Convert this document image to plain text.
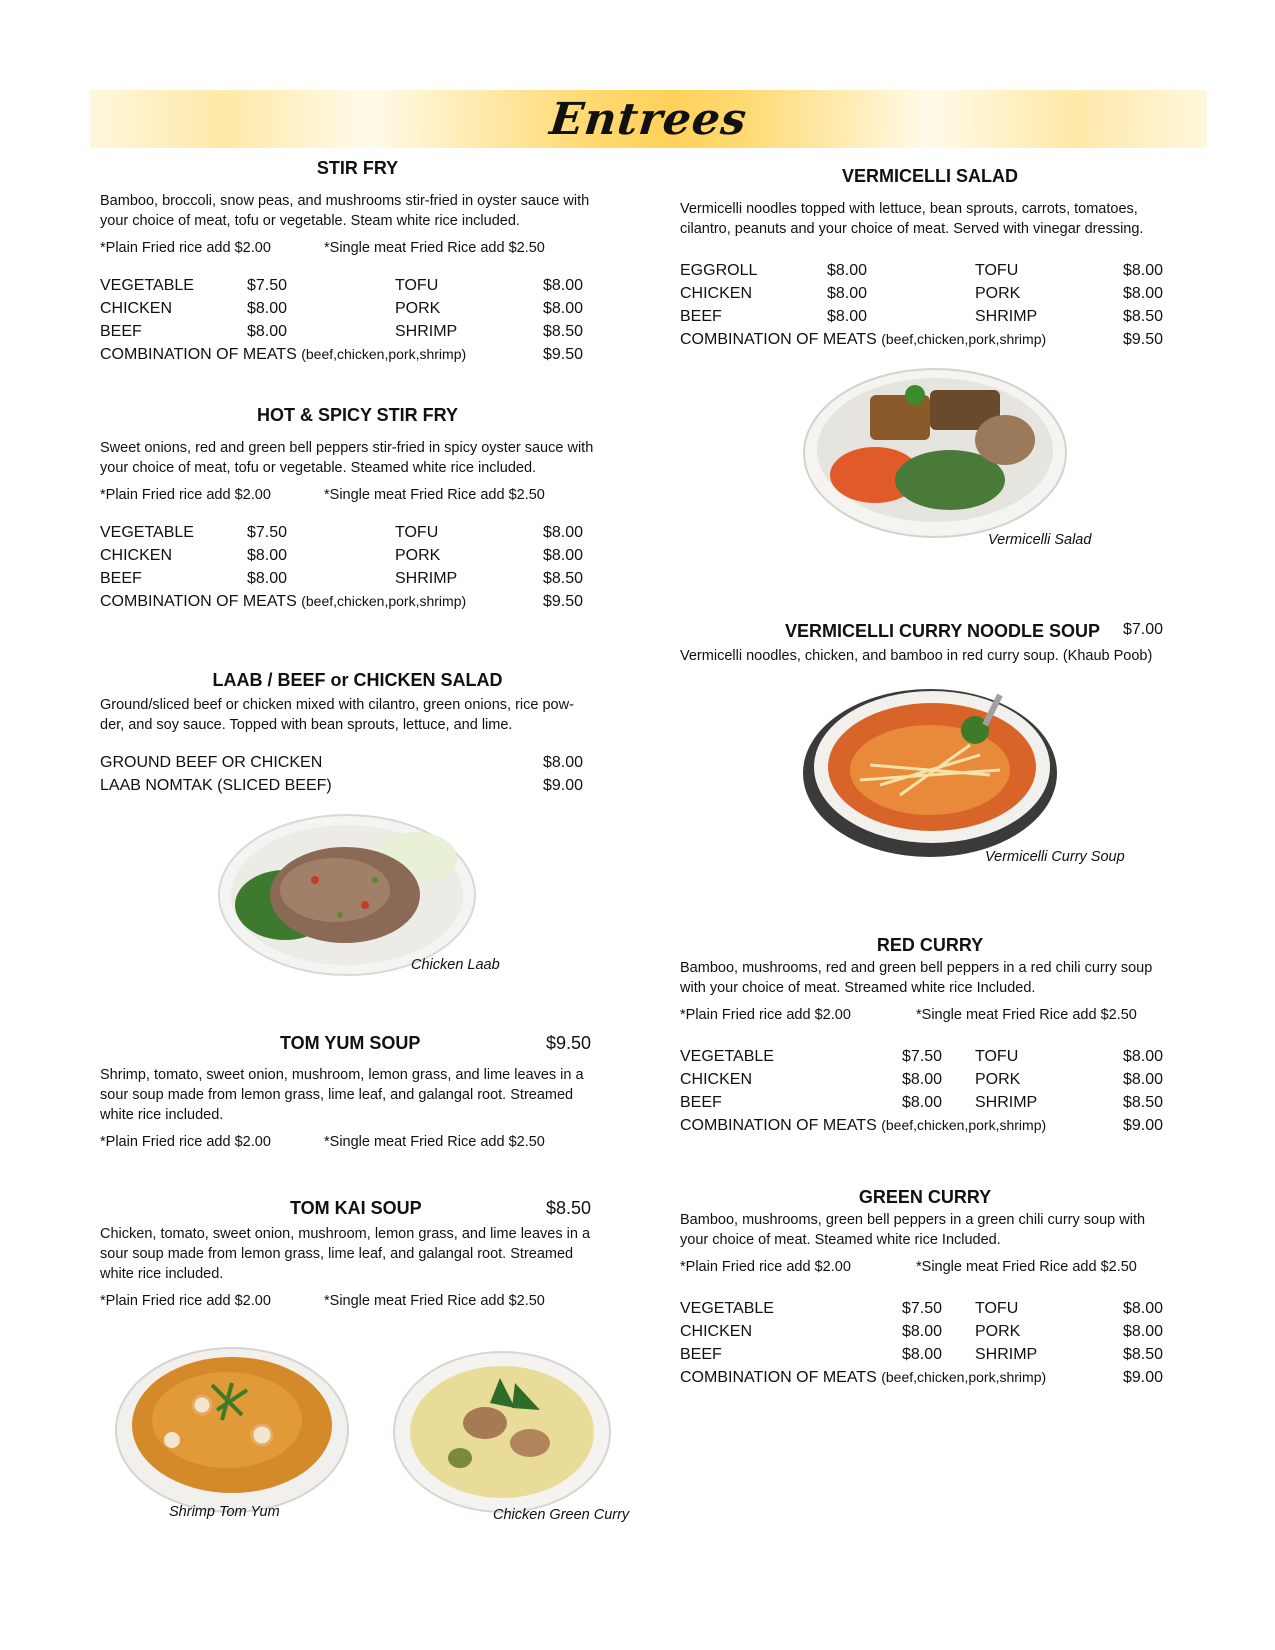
Entrees
STIR FRY
Bamboo, broccoli, snow peas, and mushrooms stir-fried in oyster sauce with your choice of meat, tofu or vegetable. Steam white rice included.
*Plain Fried rice add $2.00	*Single meat Fried Rice add $2.50
VEGETABLE	$7.50	TOFU	$8.00
CHICKEN	$8.00	PORK	$8.00
BEEF	$8.00	SHRIMP	$8.50
COMBINATION OF MEATS (beef,chicken,pork,shrimp)	$9.50
HOT & SPICY STIR FRY
Sweet onions, red and green bell peppers stir-fried in spicy oyster sauce with your choice of meat, tofu or vegetable. Steamed white rice included.
*Plain Fried rice add $2.00	*Single meat Fried Rice add $2.50
VEGETABLE	$7.50	TOFU	$8.00
CHICKEN	$8.00	PORK	$8.00
BEEF	$8.00	SHRIMP	$8.50
COMBINATION OF MEATS (beef,chicken,pork,shrimp)	$9.50
LAAB / BEEF or CHICKEN SALAD
Ground/sliced beef or chicken mixed with cilantro, green onions, rice pow-der, and soy sauce. Topped with bean sprouts, lettuce, and lime.
GROUND BEEF OR CHICKEN	$8.00
LAAB NOMTAK (SLICED BEEF)	$9.00
Chicken Laab
TOM YUM SOUP	$9.50
Shrimp, tomato, sweet onion, mushroom, lemon grass, and lime leaves in a sour soup made from lemon grass, lime leaf, and galangal root. Streamed white rice included.
*Plain Fried rice add $2.00	*Single meat Fried Rice add $2.50
TOM KAI SOUP	$8.50
Chicken, tomato, sweet onion, mushroom, lemon grass, and lime leaves in a sour soup made from lemon grass, lime leaf, and galangal root. Streamed white rice included.
*Plain Fried rice add $2.00	*Single meat Fried Rice add $2.50
Shrimp Tom Yum	Chicken Green Curry
VERMICELLI SALAD
Vermicelli noodles topped with lettuce, bean sprouts, carrots, tomatoes, cilantro, peanuts and your choice of meat. Served with vinegar dressing.
EGGROLL	$8.00	TOFU	$8.00
CHICKEN	$8.00	PORK	$8.00
BEEF	$8.00	SHRIMP	$8.50
COMBINATION OF MEATS (beef,chicken,pork,shrimp)	$9.50
Vermicelli Salad
VERMICELLI CURRY NOODLE SOUP $7.00
Vermicelli noodles, chicken, and bamboo in red curry soup. (Khaub Poob)
Vermicelli Curry Soup
RED CURRY
Bamboo, mushrooms, red and green bell peppers in a red chili curry soup with your choice of meat. Streamed white rice Included.
*Plain Fried rice add $2.00	*Single meat Fried Rice add $2.50
VEGETABLE	$7.50 TOFU	$8.00
CHICKEN	$8.00 PORK	$8.00
BEEF	$8.00 SHRIMP	$8.50
COMBINATION OF MEATS (beef,chicken,pork,shrimp)	$9.00
GREEN CURRY
Bamboo, mushrooms, green bell peppers in a green chili curry soup with your choice of meat. Steamed white rice Included.
*Plain Fried rice add $2.00	*Single meat Fried Rice add $2.50
VEGETABLE	$7.50 TOFU	$8.00
CHICKEN	$8.00 PORK	$8.00
BEEF	$8.00 SHRIMP	$8.50
COMBINATION OF MEATS (beef,chicken,pork,shrimp)	$9.00
